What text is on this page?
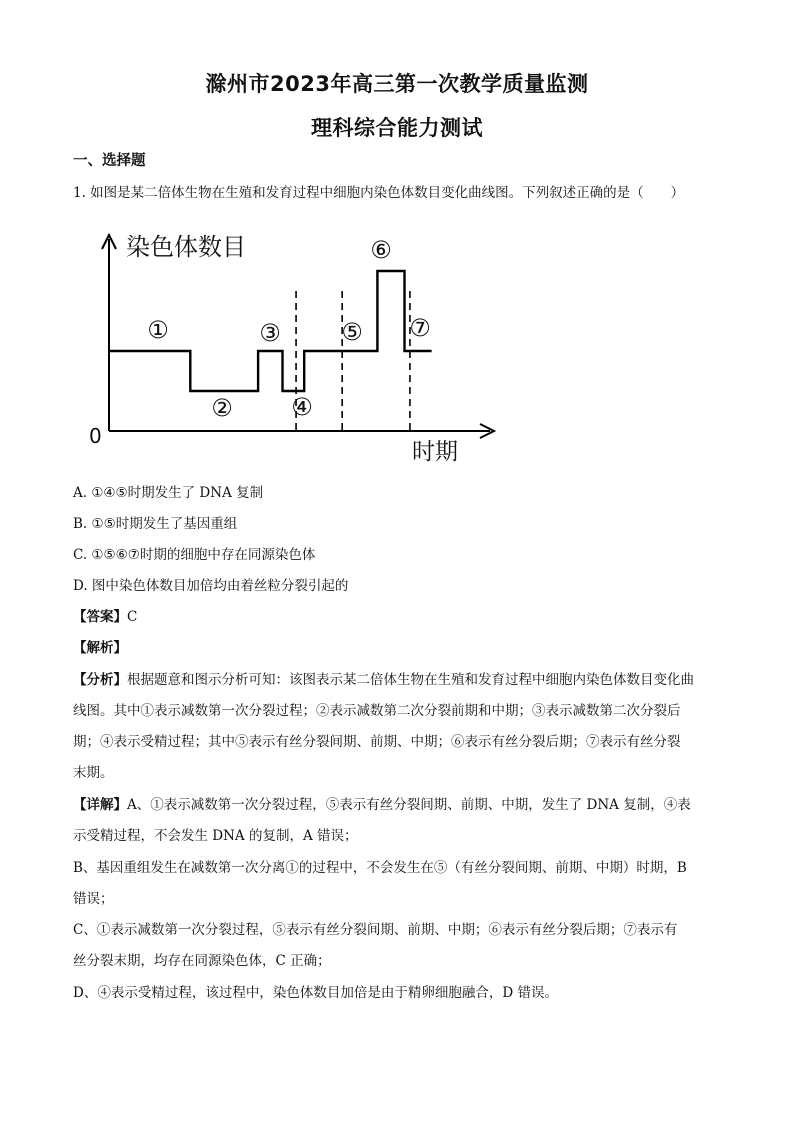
滁州市2023年高三第一次教学质量监测
理科综合能力测试
一、选择题
1. 如图是某二倍体生物在生殖和发育过程中细胞内染色体数目变化曲线图。下列叙述正确的是（　　）
染色体数目
时期
0
①
②
③
④
⑤
⑥
⑦
A. ①④⑤时期发生了 DNA 复制
B. ①⑤时期发生了基因重组
C. ①⑤⑥⑦时期的细胞中存在同源染色体
D. 图中染色体数目加倍均由着丝粒分裂引起的
【答案】C
【解析】
【分析】根据题意和图示分析可知：该图表示某二倍体生物在生殖和发育过程中细胞内染色体数目变化曲
线图。其中①表示减数第一次分裂过程；②表示减数第二次分裂前期和中期；③表示减数第二次分裂后
期；④表示受精过程；其中⑤表示有丝分裂间期、前期、中期；⑥表示有丝分裂后期；⑦表示有丝分裂
末期。
【详解】A、①表示减数第一次分裂过程，⑤表示有丝分裂间期、前期、中期，发生了 DNA 复制，④表
示受精过程，不会发生 DNA 的复制，A 错误；
B、基因重组发生在减数第一次分离①的过程中，不会发生在⑤（有丝分裂间期、前期、中期）时期，B
错误；
C、①表示减数第一次分裂过程，⑤表示有丝分裂间期、前期、中期；⑥表示有丝分裂后期；⑦表示有
丝分裂末期，均存在同源染色体，C 正确；
D、④表示受精过程，该过程中，染色体数目加倍是由于精卵细胞融合，D 错误。
